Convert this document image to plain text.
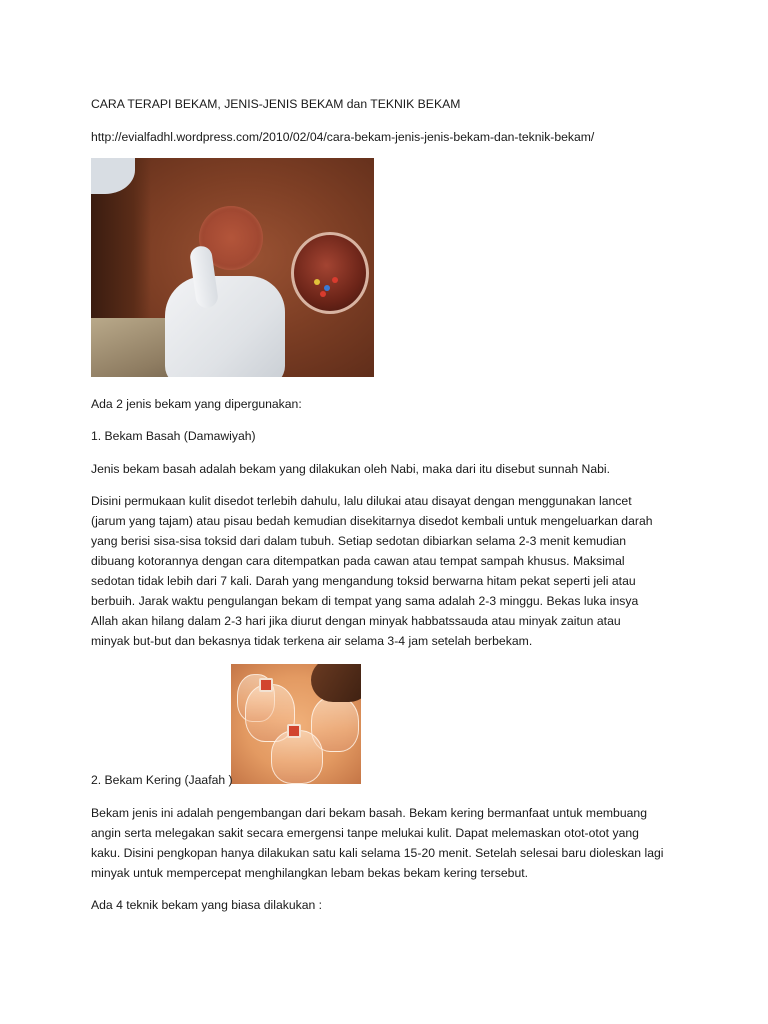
CARA TERAPI BEKAM, JENIS-JENIS BEKAM dan TEKNIK BEKAM

http://evialfadhl.wordpress.com/2010/02/04/cara-bekam-jenis-jenis-bekam-dan-teknik-bekam/

Ada 2 jenis bekam yang dipergunakan:

1. Bekam Basah (Damawiyah)

Jenis bekam basah adalah bekam yang dilakukan oleh Nabi, maka dari itu disebut sunnah Nabi.

Disini permukaan kulit disedot terlebih dahulu, lalu dilukai atau disayat dengan menggunakan lancet

(jarum yang tajam) atau pisau bedah kemudian disekitarnya disedot kembali untuk mengeluarkan darah

yang berisi sisa-sisa toksid dari dalam tubuh. Setiap sedotan dibiarkan selama 2-3 menit kemudian

dibuang kotorannya dengan cara ditempatkan pada cawan atau tempat sampah khusus. Maksimal

sedotan tidak lebih dari 7 kali. Darah yang mengandung toksid berwarna hitam pekat seperti jeli atau

berbuih. Jarak waktu pengulangan bekam di tempat yang sama adalah 2-3 minggu. Bekas luka insya

Allah akan hilang dalam 2-3 hari jika diurut dengan minyak habbatssauda atau minyak zaitun atau

minyak but-but dan bekasnya tidak terkena air selama 3-4 jam setelah berbekam.

2. Bekam Kering (Jaafah )

Bekam jenis ini adalah pengembangan dari bekam basah. Bekam kering bermanfaat untuk membuang

angin serta melegakan sakit secara emergensi tanpe melukai kulit. Dapat melemaskan otot-otot yang

kaku. Disini pengkopan hanya dilakukan satu kali selama 15-20 menit. Setelah selesai baru dioleskan lagi

minyak untuk mempercepat menghilangkan lebam bekas bekam kering tersebut.

Ada 4 teknik bekam yang biasa dilakukan :
